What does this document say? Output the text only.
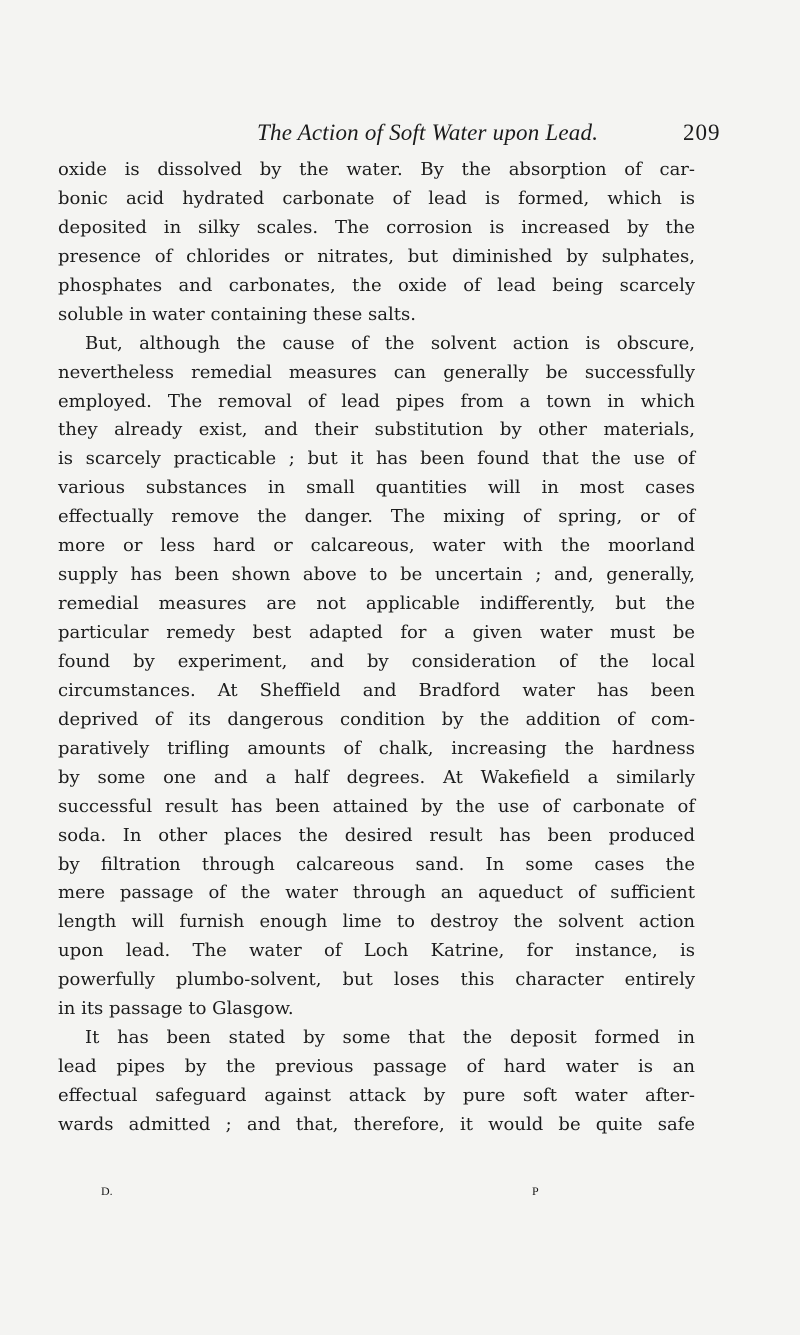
The Action of Soft Water upon Lead.	209
oxide is dissolved by the water. By the absorption of car-
bonic acid hydrated carbonate of lead is formed, which is
deposited in silky scales. The corrosion is increased by the
presence of chlorides or nitrates, but diminished by sulphates,
phosphates and carbonates, the oxide of lead being scarcely
soluble in water containing these salts.
But, although the cause of the solvent action is obscure,
nevertheless remedial measures can generally be successfully
employed. The removal of lead pipes from a town in which
they already exist, and their substitution by other materials,
is scarcely practicable ; but it has been found that the use of
various substances in small quantities will in most cases
effectually remove the danger. The mixing of spring, or of
more or less hard or calcareous, water with the moorland
supply has been shown above to be uncertain ; and, generally,
remedial measures are not applicable indifferently, but the
particular remedy best adapted for a given water must be
found by experiment, and by consideration of the local
circumstances. At Sheffield and Bradford water has been
deprived of its dangerous condition by the addition of com-
paratively trifling amounts of chalk, increasing the hardness
by some one and a half degrees. At Wakefield a similarly
successful result has been attained by the use of carbonate of
soda. In other places the desired result has been produced
by filtration through calcareous sand. In some cases the
mere passage of the water through an aqueduct of sufficient
length will furnish enough lime to destroy the solvent action
upon lead. The water of Loch Katrine, for instance, is
powerfully plumbo-solvent, but loses this character entirely
in its passage to Glasgow.
It has been stated by some that the deposit formed in
lead pipes by the previous passage of hard water is an
effectual safeguard against attack by pure soft water after-
wards admitted ; and that, therefore, it would be quite safe
D.	P
